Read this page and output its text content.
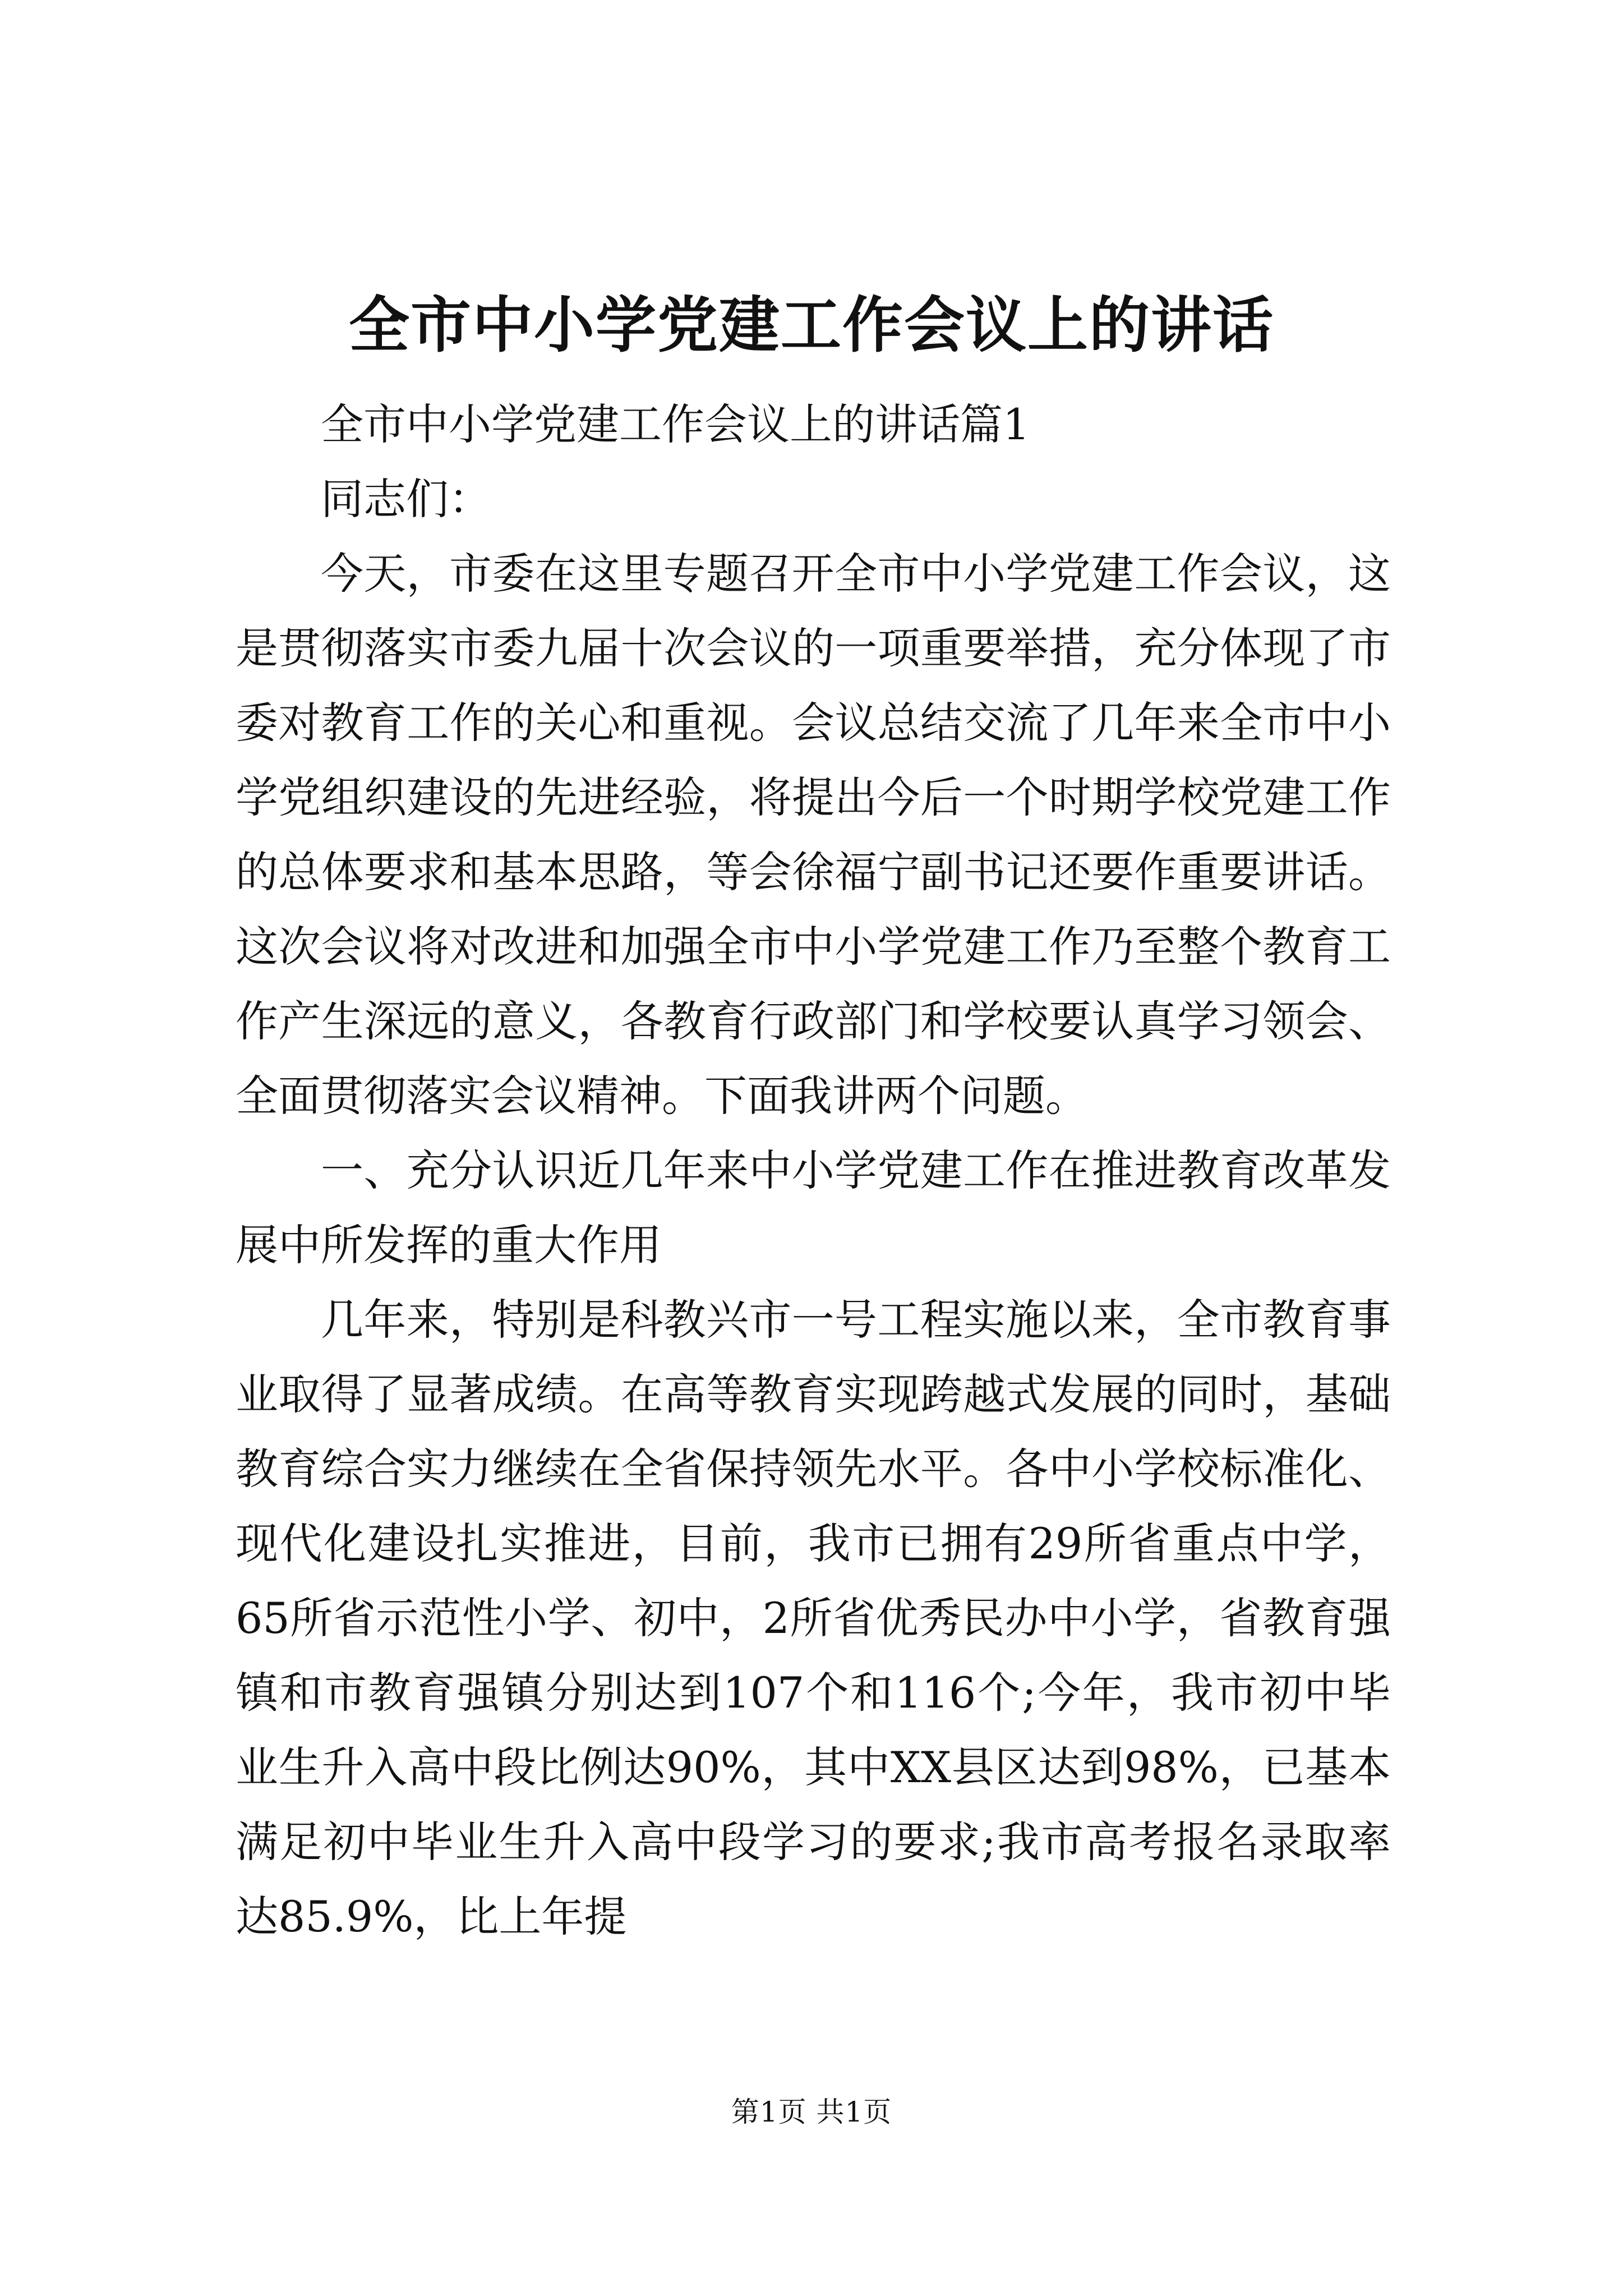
全市中小学党建工作会议上的讲话

全市中小学党建工作会议上的讲话篇1

同志们：

今天，市委在这里专题召开全市中小学党建工作会议，这是贯彻落实市委九届十次会议的一项重要举措，充分体现了市委对教育工作的关心和重视。会议总结交流了几年来全市中小学党组织建设的先进经验，将提出今后一个时期学校党建工作的总体要求和基本思路，等会徐福宁副书记还要作重要讲话。这次会议将对改进和加强全市中小学党建工作乃至整个教育工作产生深远的意义，各教育行政部门和学校要认真学习领会、全面贯彻落实会议精神。下面我讲两个问题。

一、充分认识近几年来中小学党建工作在推进教育改革发展中所发挥的重大作用

几年来，特别是科教兴市一号工程实施以来，全市教育事业取得了显著成绩。在高等教育实现跨越式发展的同时，基础教育综合实力继续在全省保持领先水平。各中小学校标准化、现代化建设扎实推进，目前，我市已拥有29所省重点中学，65所省示范性小学、初中，2所省优秀民办中小学，省教育强镇和市教育强镇分别达到107个和116个;今年，我市初中毕业生升入高中段比例达90%，其中XX县区达到98%，已基本满足初中毕业生升入高中段学习的要求;我市高考报名录取率达85.9%，比上年提

第1页 共1页
